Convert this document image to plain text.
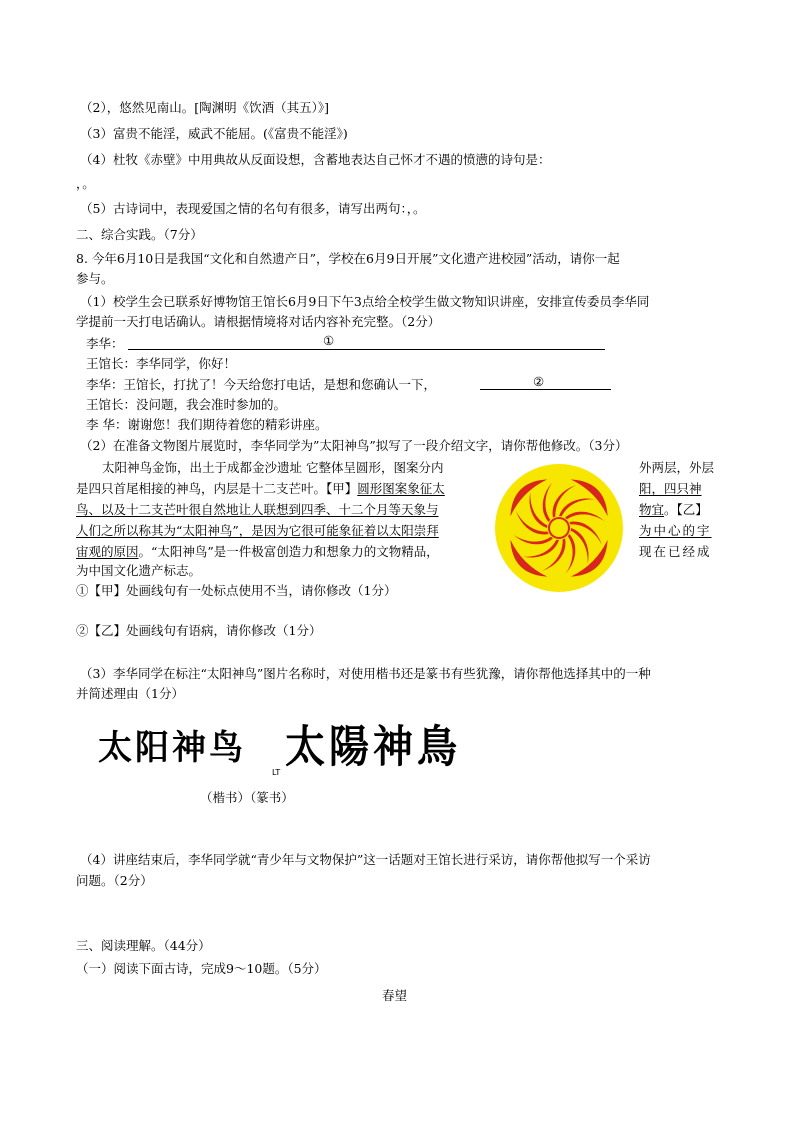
（2），悠然见南山。[陶渊明《饮酒（其五）》]
（3）富贵不能淫，威武不能屈。(《富贵不能淫》)
（4）杜牧《赤壁》中用典故从反面设想，含蓄地表达自己怀才不遇的愤懑的诗句是：
，。
（5）古诗词中，表现爱国之情的名句有很多，请写出两句：，。
二、综合实践。（7分）
8. 今年6月10日是我国“文化和自然遗产日”，学校在6月9日开展”文化遗产进校园”活动，请你一起
参与。
（1）校学生会已联系好博物馆王馆长6月9日下午3点给全校学生做文物知识讲座，安排宣传委员李华同
学提前一天打电话确认。请根据情境将对话内容补充完整。（2分）
李华：	①
王馆长：李华同学，你好！
李华：王馆长，打扰了！今天给您打电话，是想和您确认一下，	②
王馆长：没问题，我会准时参加的。
李 华：谢谢您！我们期待着您的精彩讲座。
（2）在准备文物图片展览时，李华同学为”太阳神鸟”拟写了一段介绍文字，请你帮他修改。（3分）
太阳神鸟金饰，出土于成都金沙遗址 它整体呈圆形，图案分内	外两层，外层
是四只首尾相接的神鸟，内层是十二支芒叶。【甲】圆形图案象征太	阳，四只神
鸟、以及十二支芒叶很自然地让人联想到四季、十二个月等天象与	物宜。【乙】
人们之所以称其为“太阳神鸟”，是因为它很可能象征着以太阳崇拜	为中心的宇
宙观的原因。“太阳神鸟”是一件极富创造力和想象力的文物精品，	现在已经成
为中国文化遗产标志。
①【甲】处画线句有一处标点使用不当，请你修改（1分）
②【乙】处画线句有语病，请你修改（1分）
（3）李华同学在标注“太阳神鸟”图片名称时，对使用楷书还是篆书有些犹豫，请你帮他选择其中的一种
并简述理由（1分）
太阳神鸟
LT
太陽神鳥
（楷书）（篆书）
（4）讲座结束后，李华同学就“青少年与文物保护”这一话题对王馆长进行采访，请你帮他拟写一个采访
问题。（2分）
三、阅读理解。（44分）
（一）阅读下面古诗，完成9～10题。（5分）
春望
